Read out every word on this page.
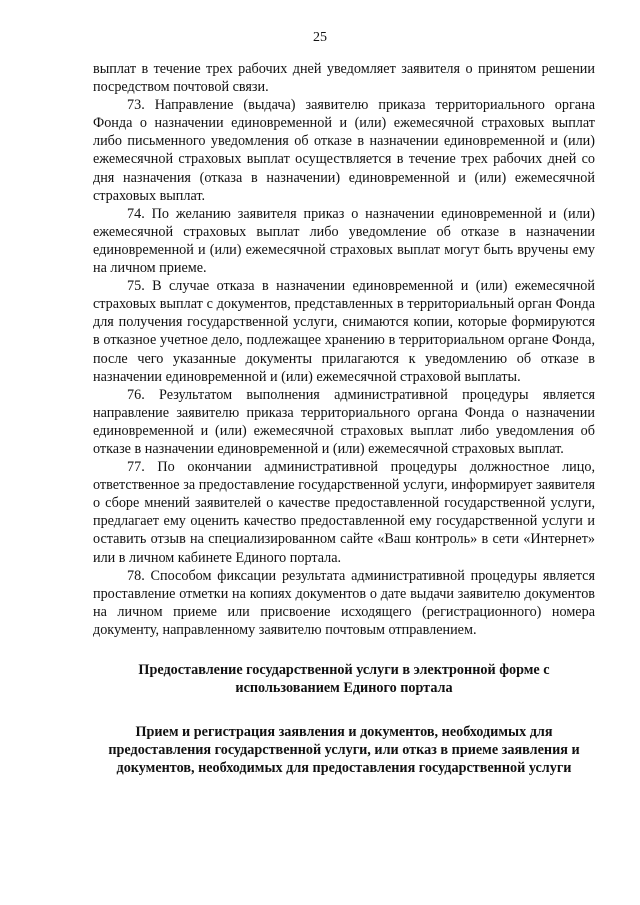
25

выплат в течение трех рабочих дней уведомляет заявителя о принятом решении посредством почтовой связи.

73. Направление (выдача) заявителю приказа территориального органа Фонда о назначении единовременной и (или) ежемесячной страховых выплат либо письменного уведомления об отказе в назначении единовременной и (или) ежемесячной страховых выплат осуществляется в течение трех рабочих дней со дня назначения (отказа в назначении) единовременной и (или) ежемесячной страховых выплат.

74. По желанию заявителя приказ о назначении единовременной и (или) ежемесячной страховых выплат либо уведомление об отказе в назначении единовременной и (или) ежемесячной страховых выплат могут быть вручены ему на личном приеме.

75. В случае отказа в назначении единовременной и (или) ежемесячной страховых выплат с документов, представленных в территориальный орган Фонда для получения государственной услуги, снимаются копии, которые формируются в отказное учетное дело, подлежащее хранению в территориальном органе Фонда, после чего указанные документы прилагаются к уведомлению об отказе в назначении единовременной и (или) ежемесячной страховой выплаты.

76. Результатом выполнения административной процедуры является направление заявителю приказа территориального органа Фонда о назначении единовременной и (или) ежемесячной страховых выплат либо уведомления об отказе в назначении единовременной и (или) ежемесячной страховых выплат.

77. По окончании административной процедуры должностное лицо, ответственное за предоставление государственной услуги, информирует заявителя о сборе мнений заявителей о качестве предоставленной государственной услуги, предлагает ему оценить качество предоставленной ему государственной услуги и оставить отзыв на специализированном сайте «Ваш контроль» в сети «Интернет» или в личном кабинете Единого портала.

78. Способом фиксации результата административной процедуры является проставление отметки на копиях документов о дате выдачи заявителю документов на личном приеме или присвоение исходящего (регистрационного) номера документу, направленному заявителю почтовым отправлением.

Предоставление государственной услуги в электронной форме с использованием Единого портала

Прием и регистрация заявления и документов, необходимых для предоставления государственной услуги, или отказ в приеме заявления и документов, необходимых для предоставления государственной услуги
